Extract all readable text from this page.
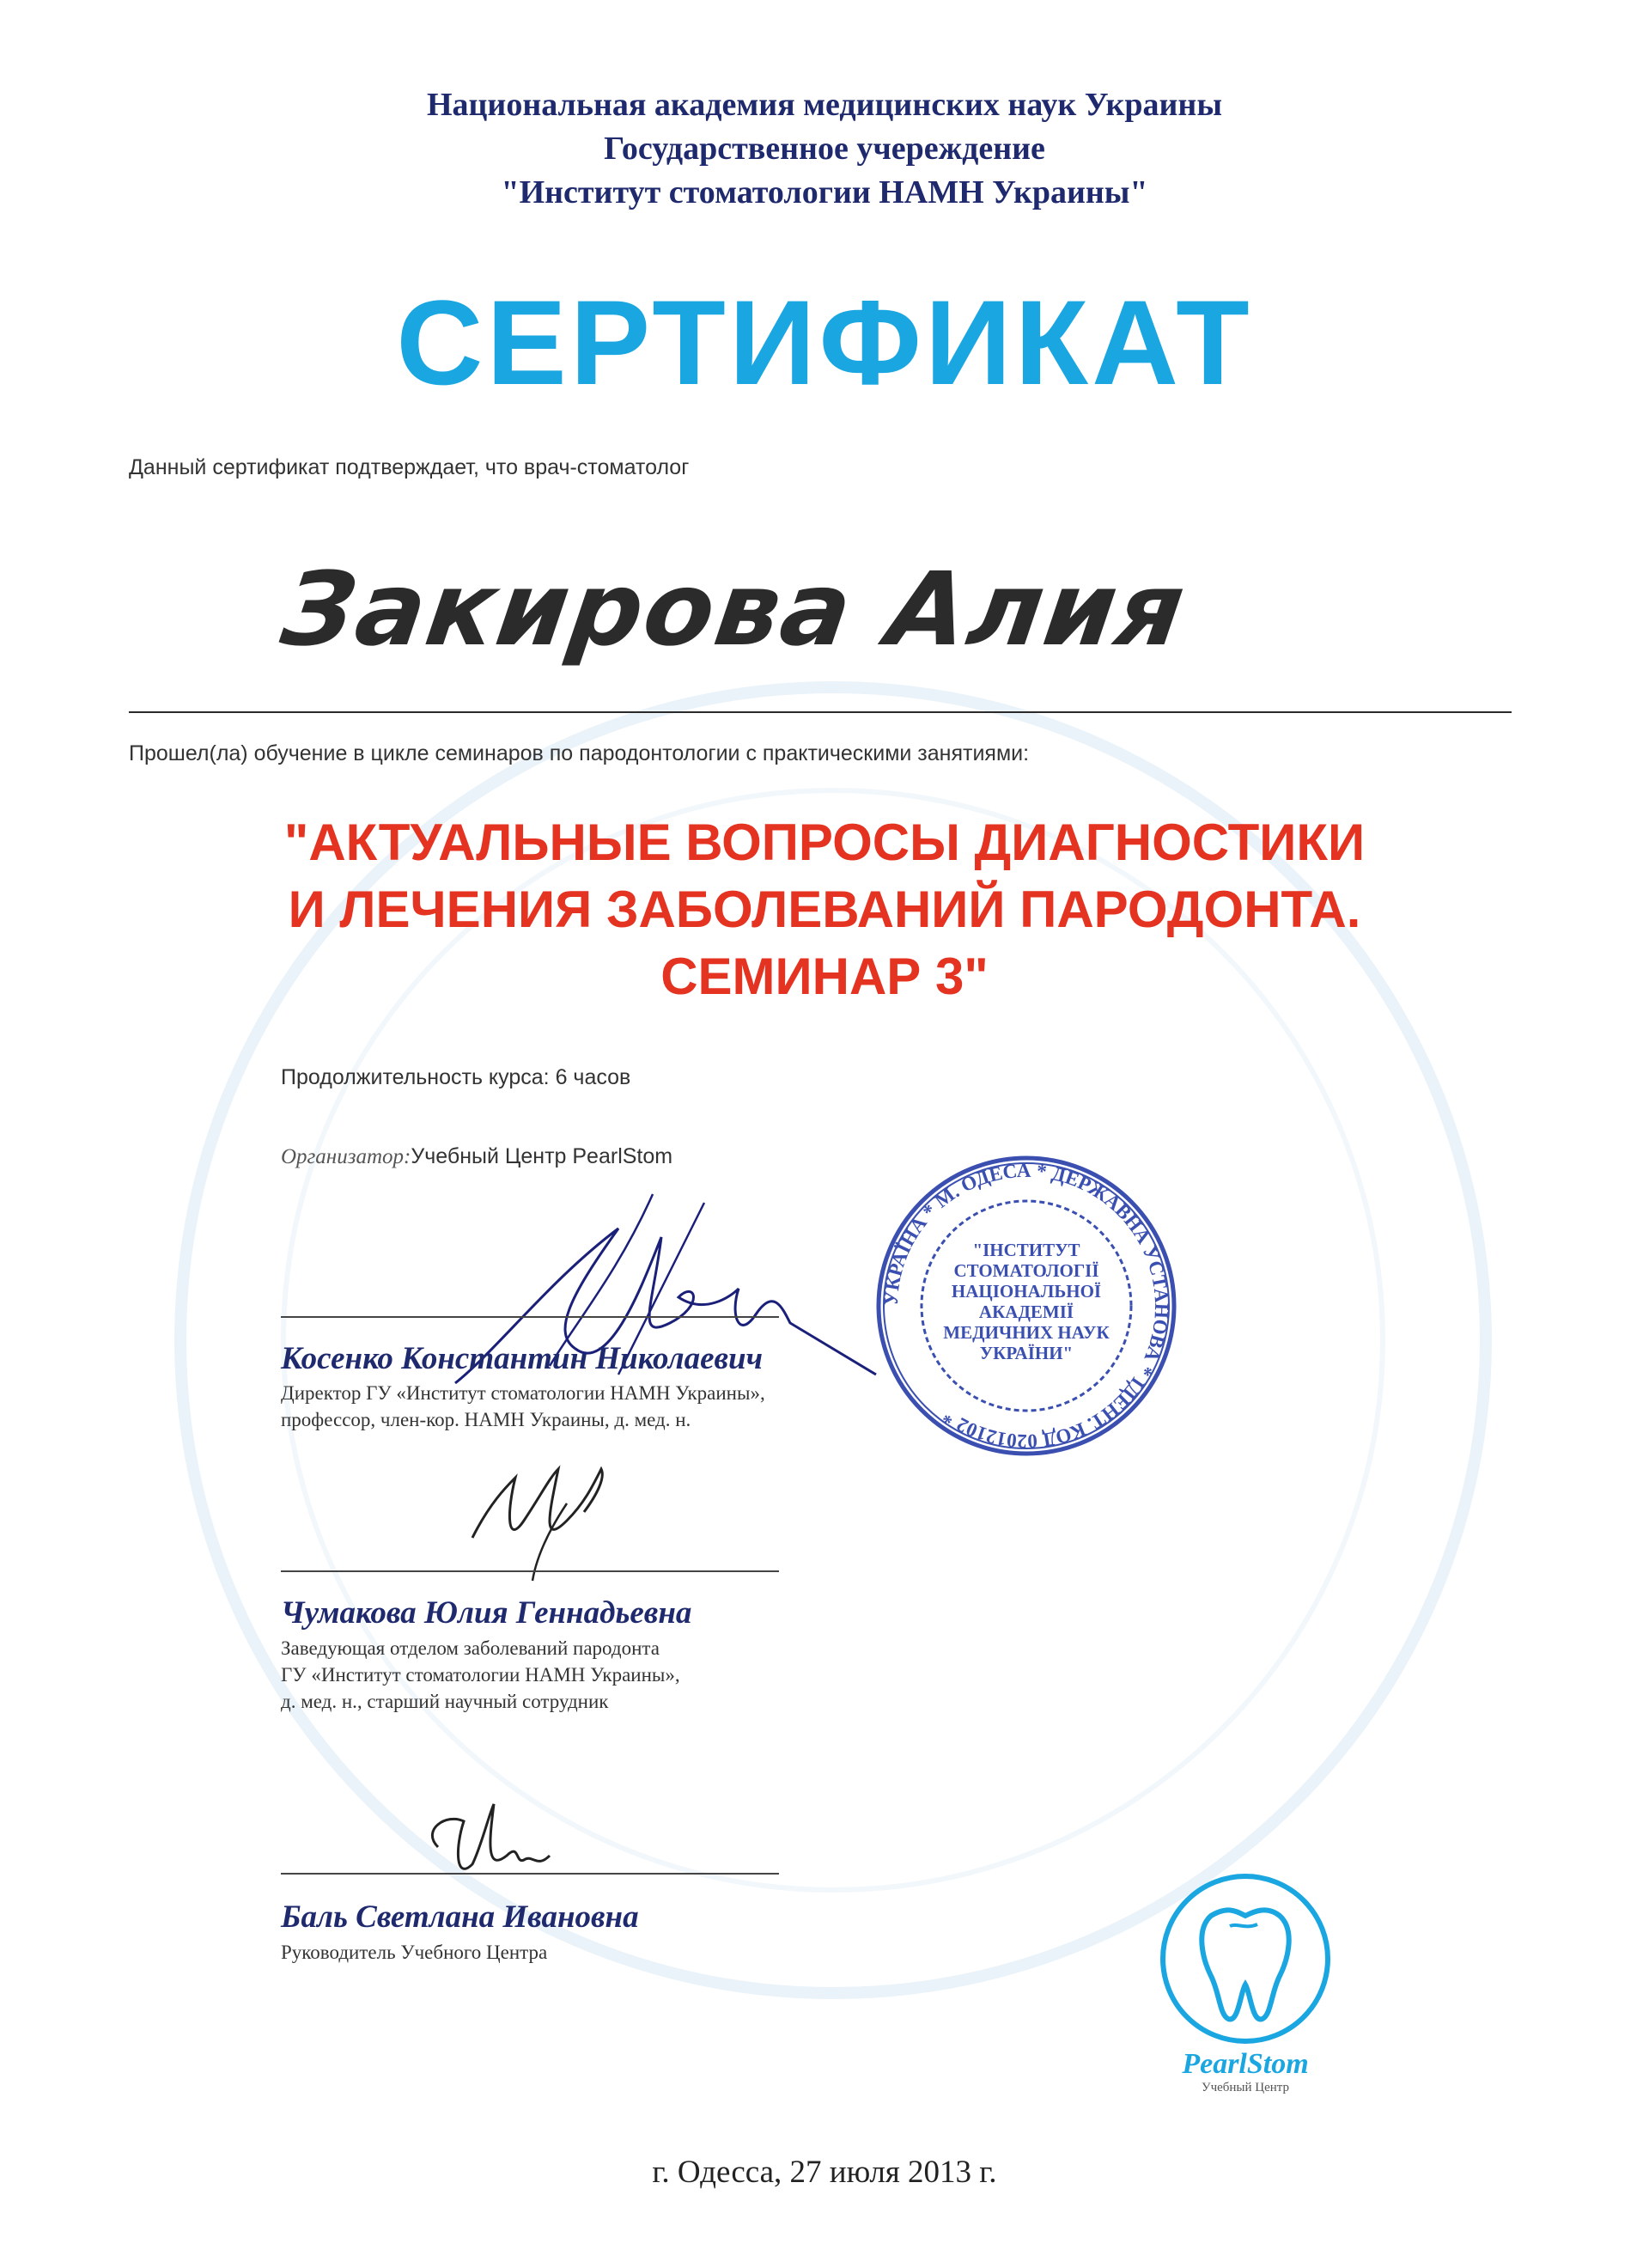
Национальная академия медицинских наук Украины
Государственное учереждение
"Институт стоматологии НАМН Украины"
СЕРТИФИКАТ
Данный сертификат подтверждает, что врач-стоматолог
Закирова Алия
Прошел(ла) обучение в цикле семинаров по пародонтологии с практическими занятиями:
"АКТУАЛЬНЫЕ ВОПРОСЫ ДИАГНОСТИКИ
И ЛЕЧЕНИЯ ЗАБОЛЕВАНИЙ ПАРОДОНТА.
СЕМИНАР 3"
Продолжительность курса: 6 часов
Организатор:Учебный Центр PearlStom
Косенко Константин Николаевич
Директор ГУ «Институт стоматологии НАМН Украины»,
профессор, член-кор. НАМН Украины, д. мед. н.
УКРАЇНА * М. ОДЕСА * ДЕРЖАВНА УСТАНОВА * ІДЕНТ. КОД 02012102 *
"ІНСТИТУТ
СТОМАТОЛОГІЇ
НАЦІОНАЛЬНОЇ
АКАДЕМІЇ
МЕДИЧНИХ НАУК
УКРАЇНИ"
Чумакова Юлия Геннадьевна
Заведующая отделом заболеваний пародонта
ГУ «Институт стоматологии НАМН Украины»,
д. мед. н., старший научный сотрудник
Баль Светлана Ивановна
Руководитель Учебного Центра
PearlStom
Учебный Центр
г. Одесса, 27 июля 2013 г.
